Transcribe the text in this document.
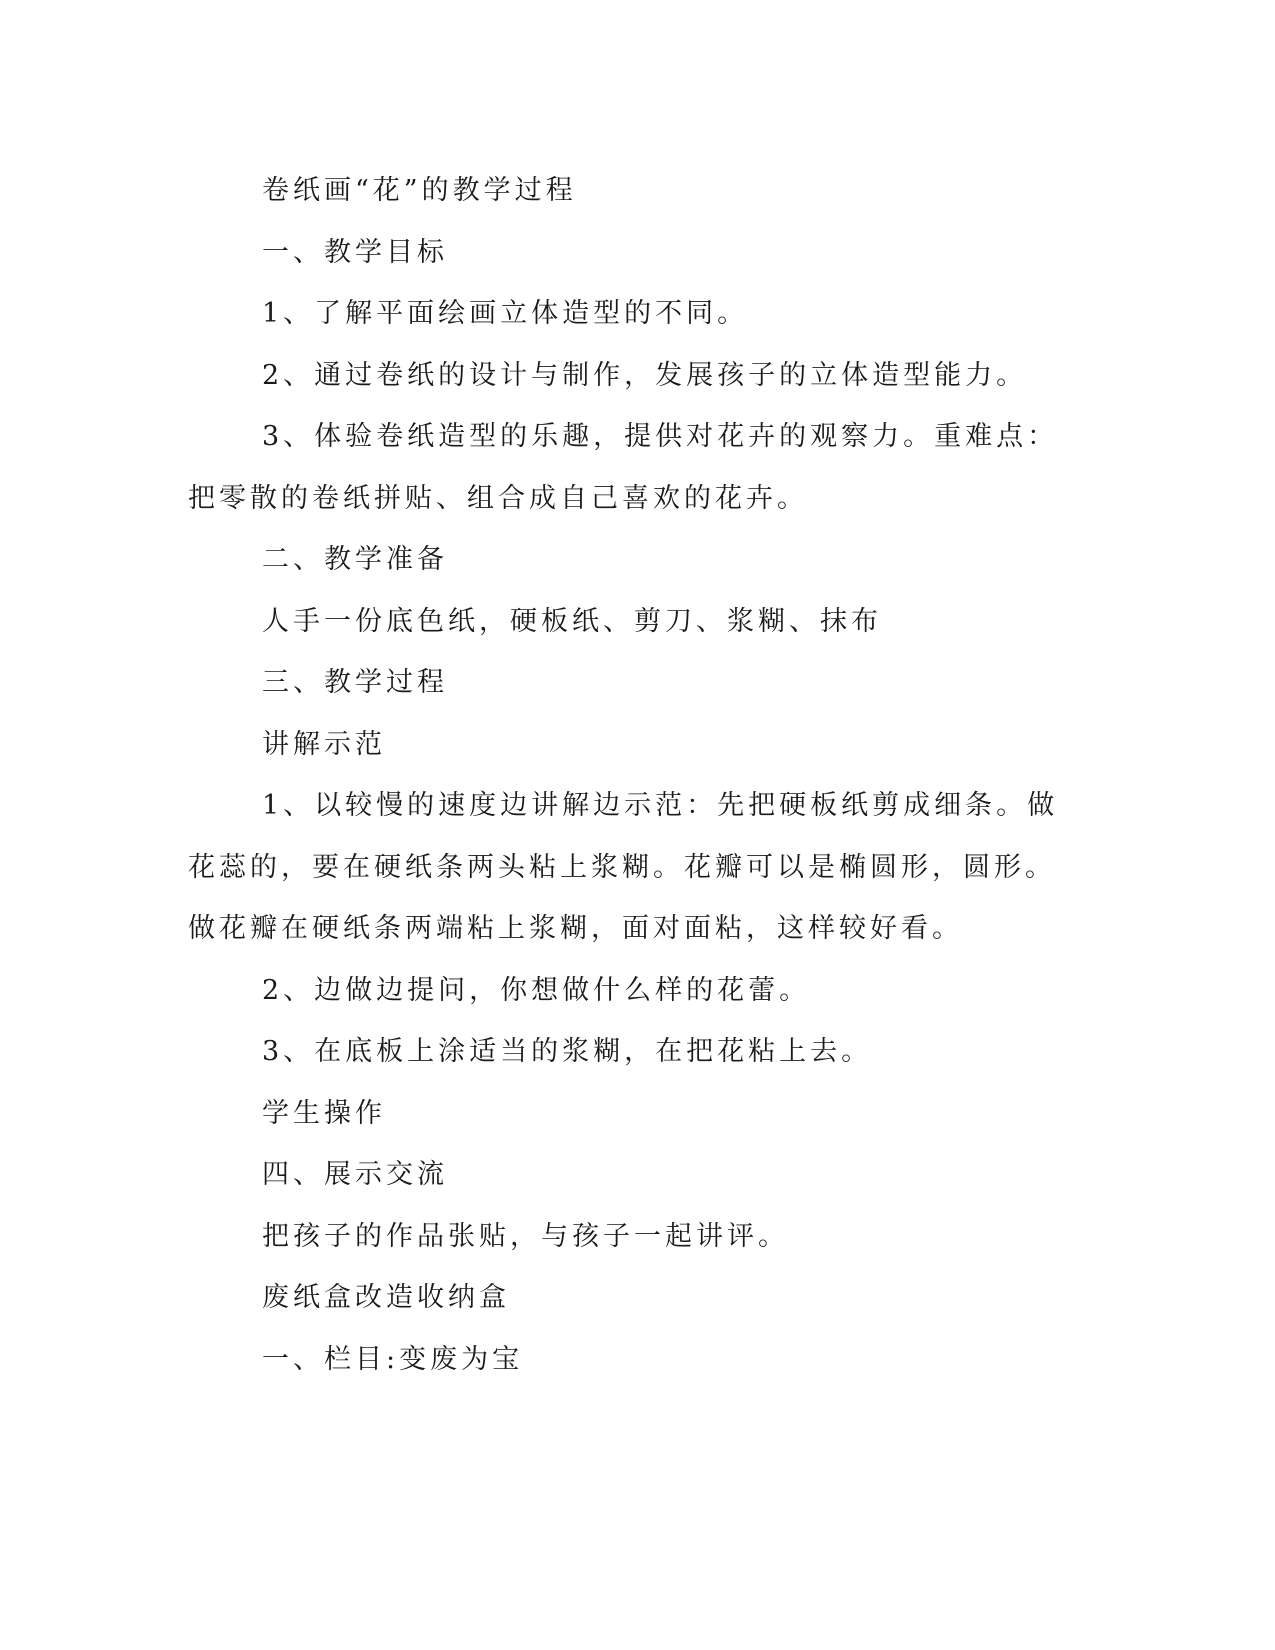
卷纸画“花”的教学过程

一、教学目标

1、了解平面绘画立体造型的不同。

2、通过卷纸的设计与制作，发展孩子的立体造型能力。

3、体验卷纸造型的乐趣，提供对花卉的观察力。重难点：把零散的卷纸拼贴、组合成自己喜欢的花卉。

二、教学准备

人手一份底色纸，硬板纸、剪刀、浆糊、抹布

三、教学过程

讲解示范

1、以较慢的速度边讲解边示范：先把硬板纸剪成细条。做花蕊的，要在硬纸条两头粘上浆糊。花瓣可以是椭圆形，圆形。做花瓣在硬纸条两端粘上浆糊，面对面粘，这样较好看。

2、边做边提问，你想做什么样的花蕾。

3、在底板上涂适当的浆糊，在把花粘上去。

学生操作

四、展示交流

把孩子的作品张贴，与孩子一起讲评。

废纸盒改造收纳盒

一、栏目:变废为宝
